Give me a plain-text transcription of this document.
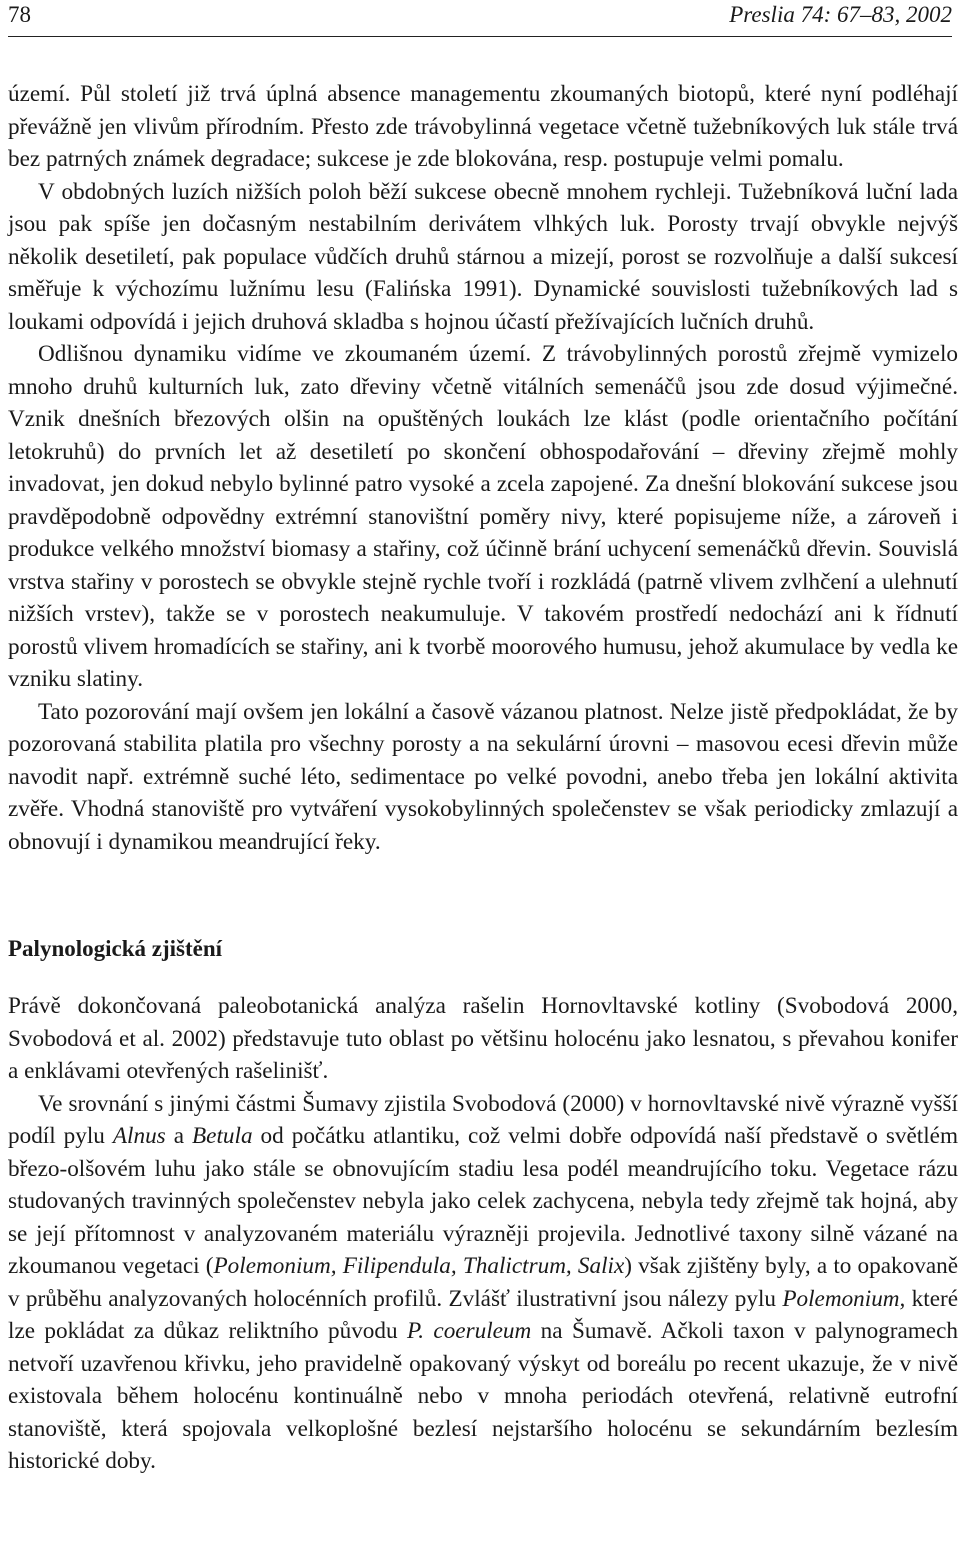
78	Preslia 74: 67–83, 2002

území. Půl století již trvá úplná absence managementu zkoumaných biotopů, které nyní podléhají převážně jen vlivům přírodním. Přesto zde trávobylinná vegetace včetně tužebníkových luk stále trvá bez patrných známek degradace; sukcese je zde blokována, resp. postupuje velmi pomalu.

V obdobných luzích nižších poloh běží sukcese obecně mnohem rychleji. Tužebníková luční lada jsou pak spíše jen dočasným nestabilním derivátem vlhkých luk. Porosty trvají obvykle nejvýš několik desetiletí, pak populace vůdčích druhů stárnou a mizejí, porost se rozvolňuje a další sukcesí směřuje k výchozímu lužnímu lesu (Falińska 1991). Dynamické souvislosti tužebníkových lad s loukami odpovídá i jejich druhová skladba s hojnou účastí přežívajících lučních druhů.

Odlišnou dynamiku vidíme ve zkoumaném území. Z trávobylinných porostů zřejmě vymizelo mnoho druhů kulturních luk, zato dřeviny včetně vitálních semenáčů jsou zde dosud výjimečné. Vznik dnešních březových olšin na opuštěných loukách lze klást (podle orientačního počítání letokruhů) do prvních let až desetiletí po skončení obhospodařování – dřeviny zřejmě mohly invadovat, jen dokud nebylo bylinné patro vysoké a zcela zapojené. Za dnešní blokování sukcese jsou pravděpodobně odpovědny extrémní stanovištní poměry nivy, které popisujeme níže, a zároveň i produkce velkého množství biomasy a stařiny, což účinně brání uchycení semenáčků dřevin. Souvislá vrstva stařiny v porostech se obvykle stejně rychle tvoří i rozkládá (patrně vlivem zvlhčení a ulehnutí nižších vrstev), takže se v porostech neakumuluje. V takovém prostředí nedochází ani k řídnutí porostů vlivem hromadících se stařiny, ani k tvorbě moorového humusu, jehož akumulace by vedla ke vzniku slatiny.

Tato pozorování mají ovšem jen lokální a časově vázanou platnost. Nelze jistě předpokládat, že by pozorovaná stabilita platila pro všechny porosty a na sekulární úrovni – masovou ecesi dřevin může navodit např. extrémně suché léto, sedimentace po velké povodni, anebo třeba jen lokální aktivita zvěře. Vhodná stanoviště pro vytváření vysokobylinných společenstev se však periodicky zmlazují a obnovují i dynamikou meandrující řeky.

Palynologická zjištění

Právě dokončovaná paleobotanická analýza rašelin Hornovltavské kotliny (Svobodová 2000, Svobodová et al. 2002) představuje tuto oblast po většinu holocénu jako lesnatou, s převahou konifer a enklávami otevřených rašelinišť.

Ve srovnání s jinými částmi Šumavy zjistila Svobodová (2000) v hornovltavské nivě výrazně vyšší podíl pylu Alnus a Betula od počátku atlantiku, což velmi dobře odpovídá naší představě o světlém březo-olšovém luhu jako stále se obnovujícím stadiu lesa podél meandrujícího toku. Vegetace rázu studovaných travinných společenstev nebyla jako celek zachycena, nebyla tedy zřejmě tak hojná, aby se její přítomnost v analyzovaném materiálu výrazněji projevila. Jednotlivé taxony silně vázané na zkoumanou vegetaci (Polemonium, Filipendula, Thalictrum, Salix) však zjištěny byly, a to opakovaně v průběhu analyzovaných holocénních profilů. Zvlášť ilustrativní jsou nálezy pylu Polemonium, které lze pokládat za důkaz reliktního původu P. coeruleum na Šumavě. Ačkoli taxon v palynogramech netvoří uzavřenou křivku, jeho pravidelně opakovaný výskyt od boreálu po recent ukazuje, že v nivě existovala během holocénu kontinuálně nebo v mnoha periodách otevřená, relativně eutrofní stanoviště, která spojovala velkoplošné bezlesí nejstaršího holocénu se sekundárním bezlesím historické doby.
